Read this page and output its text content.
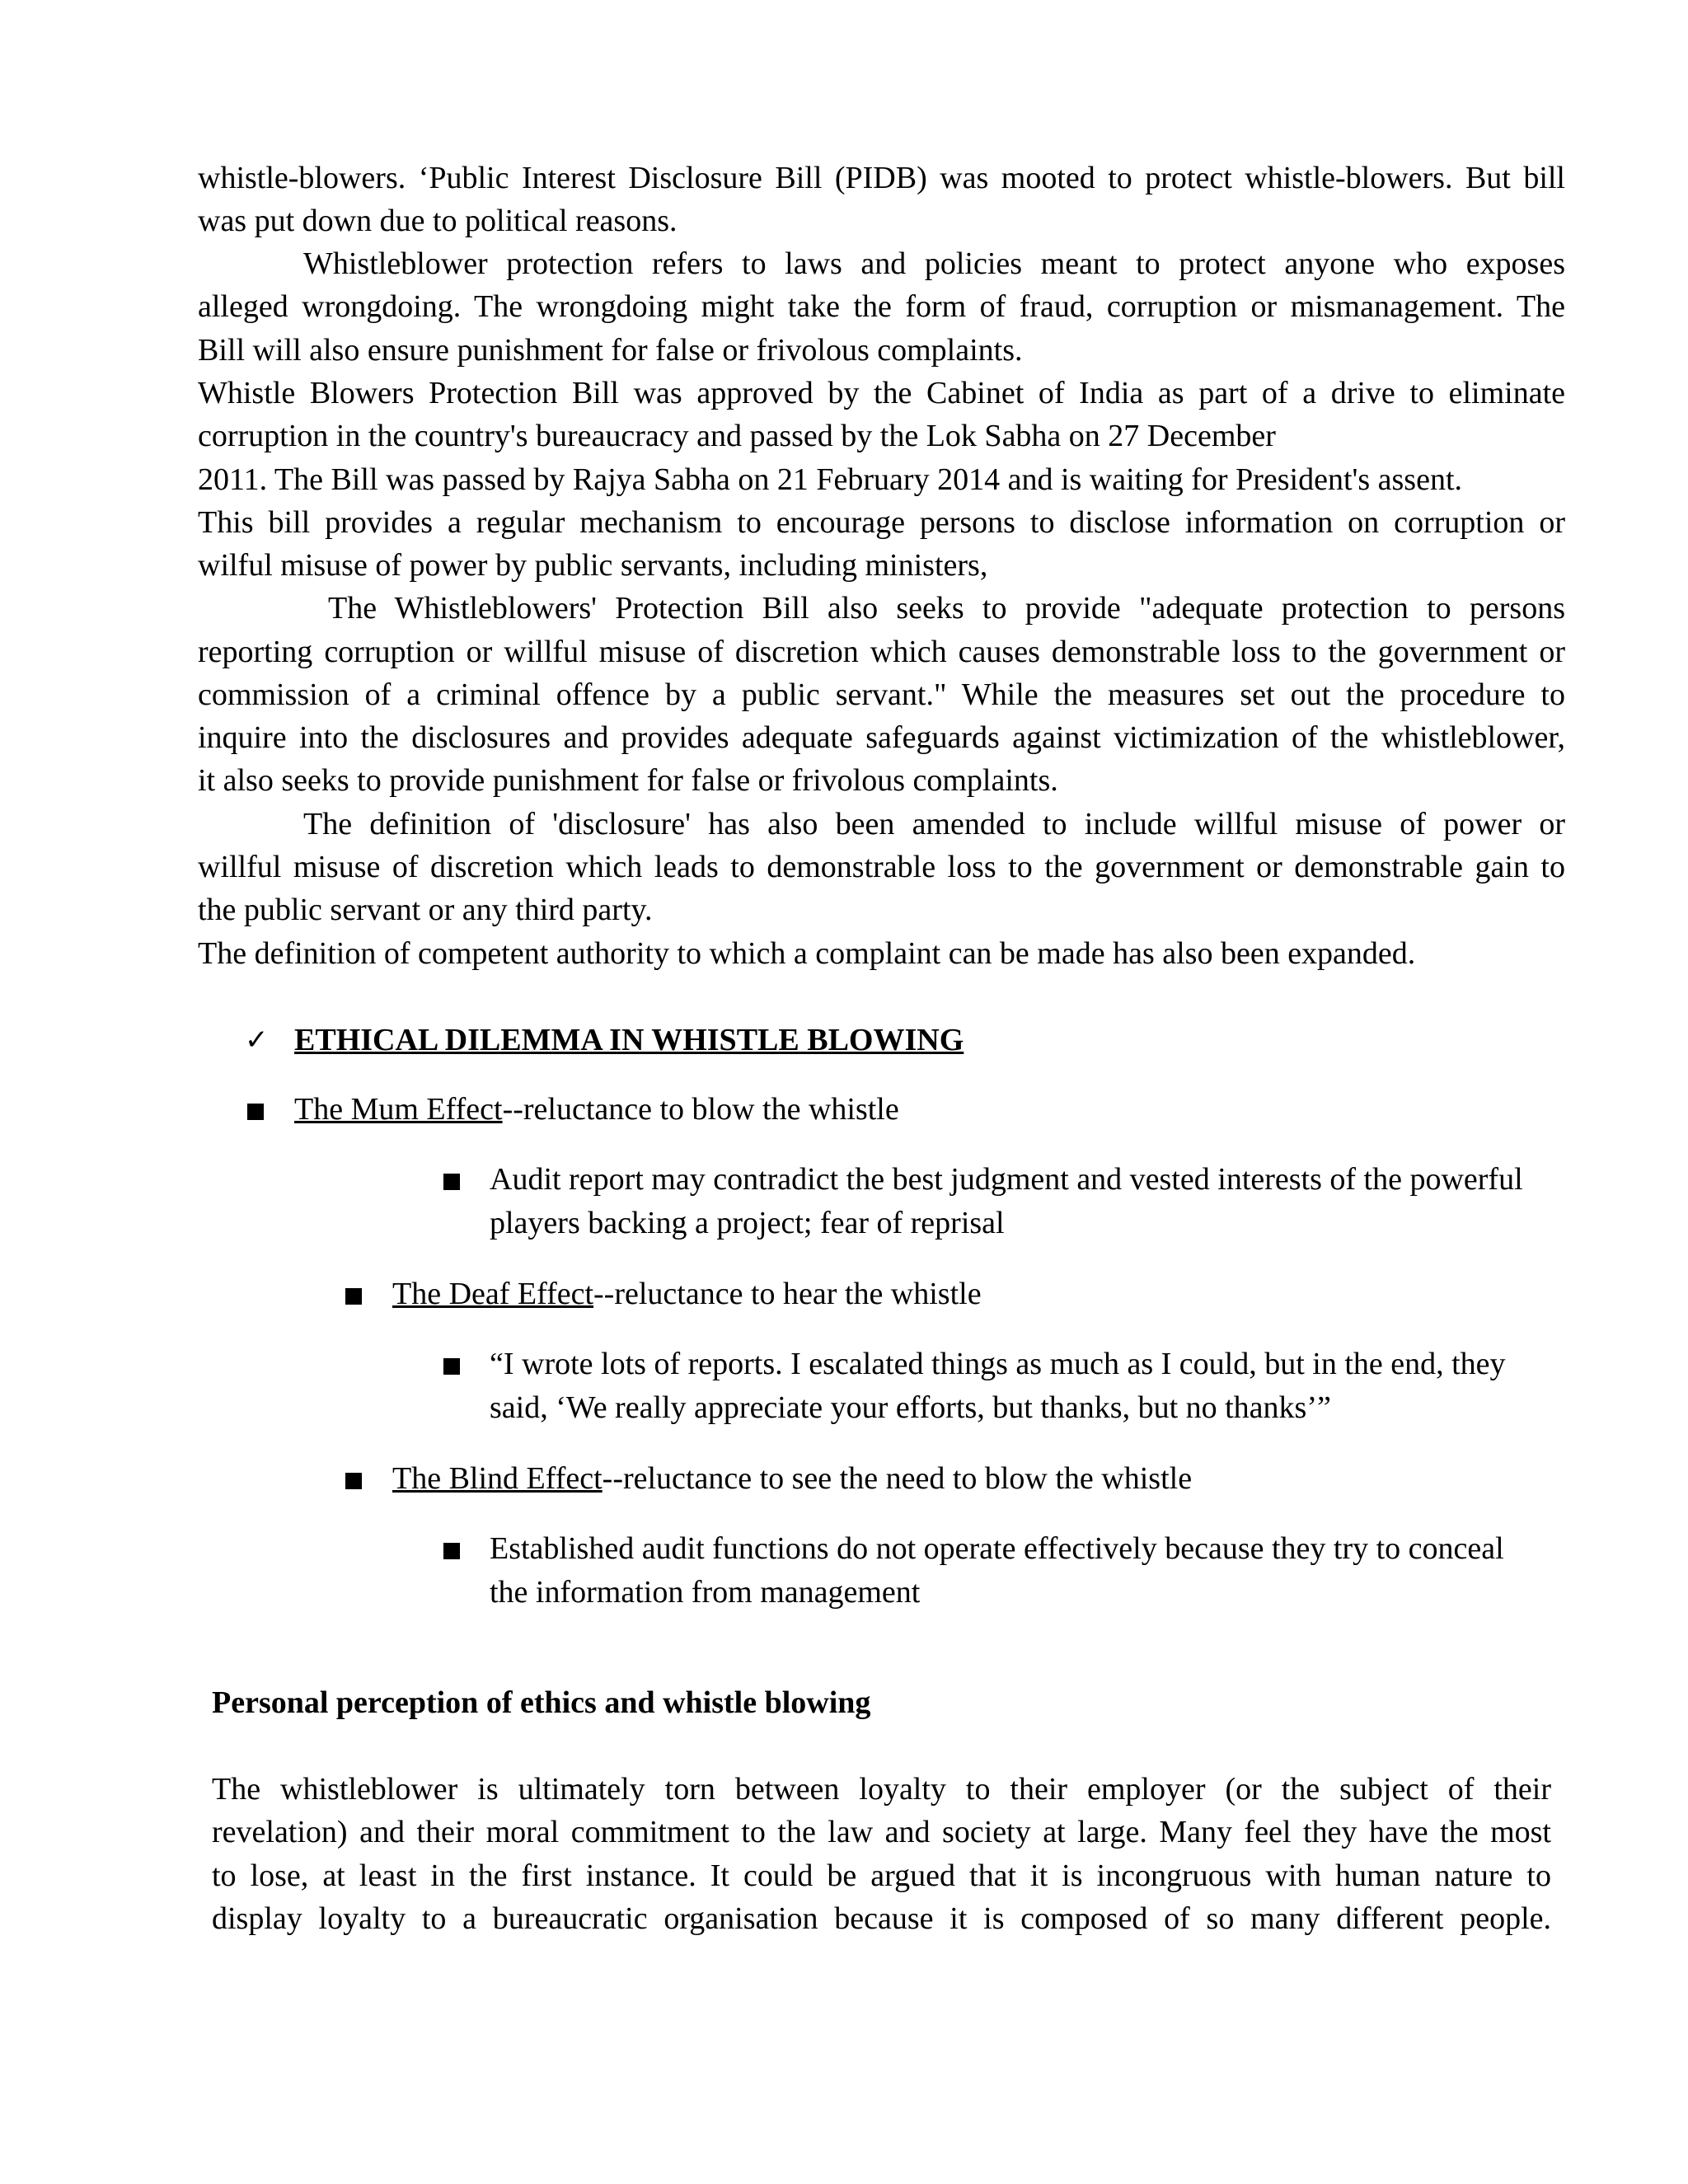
whistle-blowers. ‘Public Interest Disclosure Bill (PIDB) was mooted to protect whistle-blowers. But bill
was put down due to political reasons.
Whistleblower protection refers to laws and policies meant to protect anyone who exposes
alleged wrongdoing. The wrongdoing might take the form of fraud, corruption or mismanagement. The
Bill will also ensure punishment for false or frivolous complaints.
Whistle Blowers Protection Bill was approved by the Cabinet of India as part of a drive to eliminate
corruption in the country's bureaucracy and passed by the Lok Sabha on 27 December
2011. The Bill was passed by Rajya Sabha on 21 February 2014 and is waiting for President's assent.
This bill provides a regular mechanism to encourage persons to disclose information on corruption or
wilful misuse of power by public servants, including ministers,
The Whistleblowers' Protection Bill also seeks to provide "adequate protection to persons
reporting corruption or willful misuse of discretion which causes demonstrable loss to the government or
commission of a criminal offence by a public servant." While the measures set out the procedure to
inquire into the disclosures and provides adequate safeguards against victimization of the whistleblower,
it also seeks to provide punishment for false or frivolous complaints.
The definition of 'disclosure' has also been amended to include willful misuse of power or
willful misuse of discretion which leads to demonstrable loss to the government or demonstrable gain to
the public servant or any third party.
The definition of competent authority to which a complaint can be made has also been expanded.
✓ ETHICAL DILEMMA IN WHISTLE BLOWING
The Mum Effect--reluctance to blow the whistle
Audit report may contradict the best judgment and vested interests of the powerful
players backing a project; fear of reprisal
The Deaf Effect--reluctance to hear the whistle
“I wrote lots of reports. I escalated things as much as I could, but in the end, they
said, ‘We really appreciate your efforts, but thanks, but no thanks’”
The Blind Effect--reluctance to see the need to blow the whistle
Established audit functions do not operate effectively because they try to conceal
the information from management
Personal perception of ethics and whistle blowing
The whistleblower is ultimately torn between loyalty to their employer (or the subject of their
revelation) and their moral commitment to the law and society at large. Many feel they have the most
to lose, at least in the first instance. It could be argued that it is incongruous with human nature to
display loyalty to a bureaucratic organisation because it is composed of so many different people.
